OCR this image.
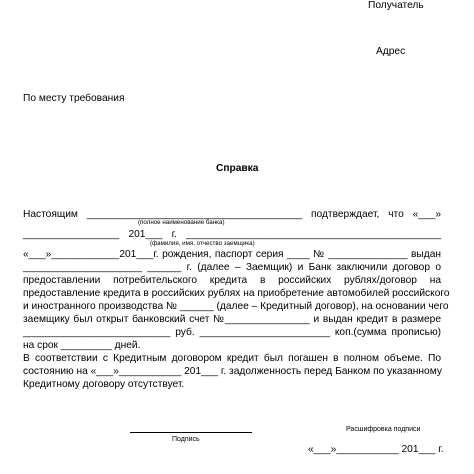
Получатель
Адрес
По месту требования
Справка
Настоящим ______________________________________ подтверждает, что «___»
(полное наименование банка)
_________________ 201___ г. _____________________________________________
(фамилия, имя, отчество заемщика)
«___»____________201___г. рождения, паспорт серия ____ № ______________ выдан
_____________________ ______ г. (далее – Заемщик) и Банк заключили договор о
предоставлении потребительского кредита в российских рублях/договор на
предоставление кредита в российских рублях на приобретение автомобилей российского
и иностранного производства № ______ (далее – Кредитный договор), на основании чего
заемщику был открыт банковский счет №_______________ и выдан кредит в размере
__________________________ руб. _______________________ коп.(сумма прописью)
на срок _________ дней.
В соответствии с Кредитным договором кредит был погашен в полном объеме. По
состоянию на «___»___________ 201___ г. задолженность перед Банком по указанному
Кредитному договору отсутствует.
Подпись
Расшифровка подписи
«___»___________ 201___ г.
